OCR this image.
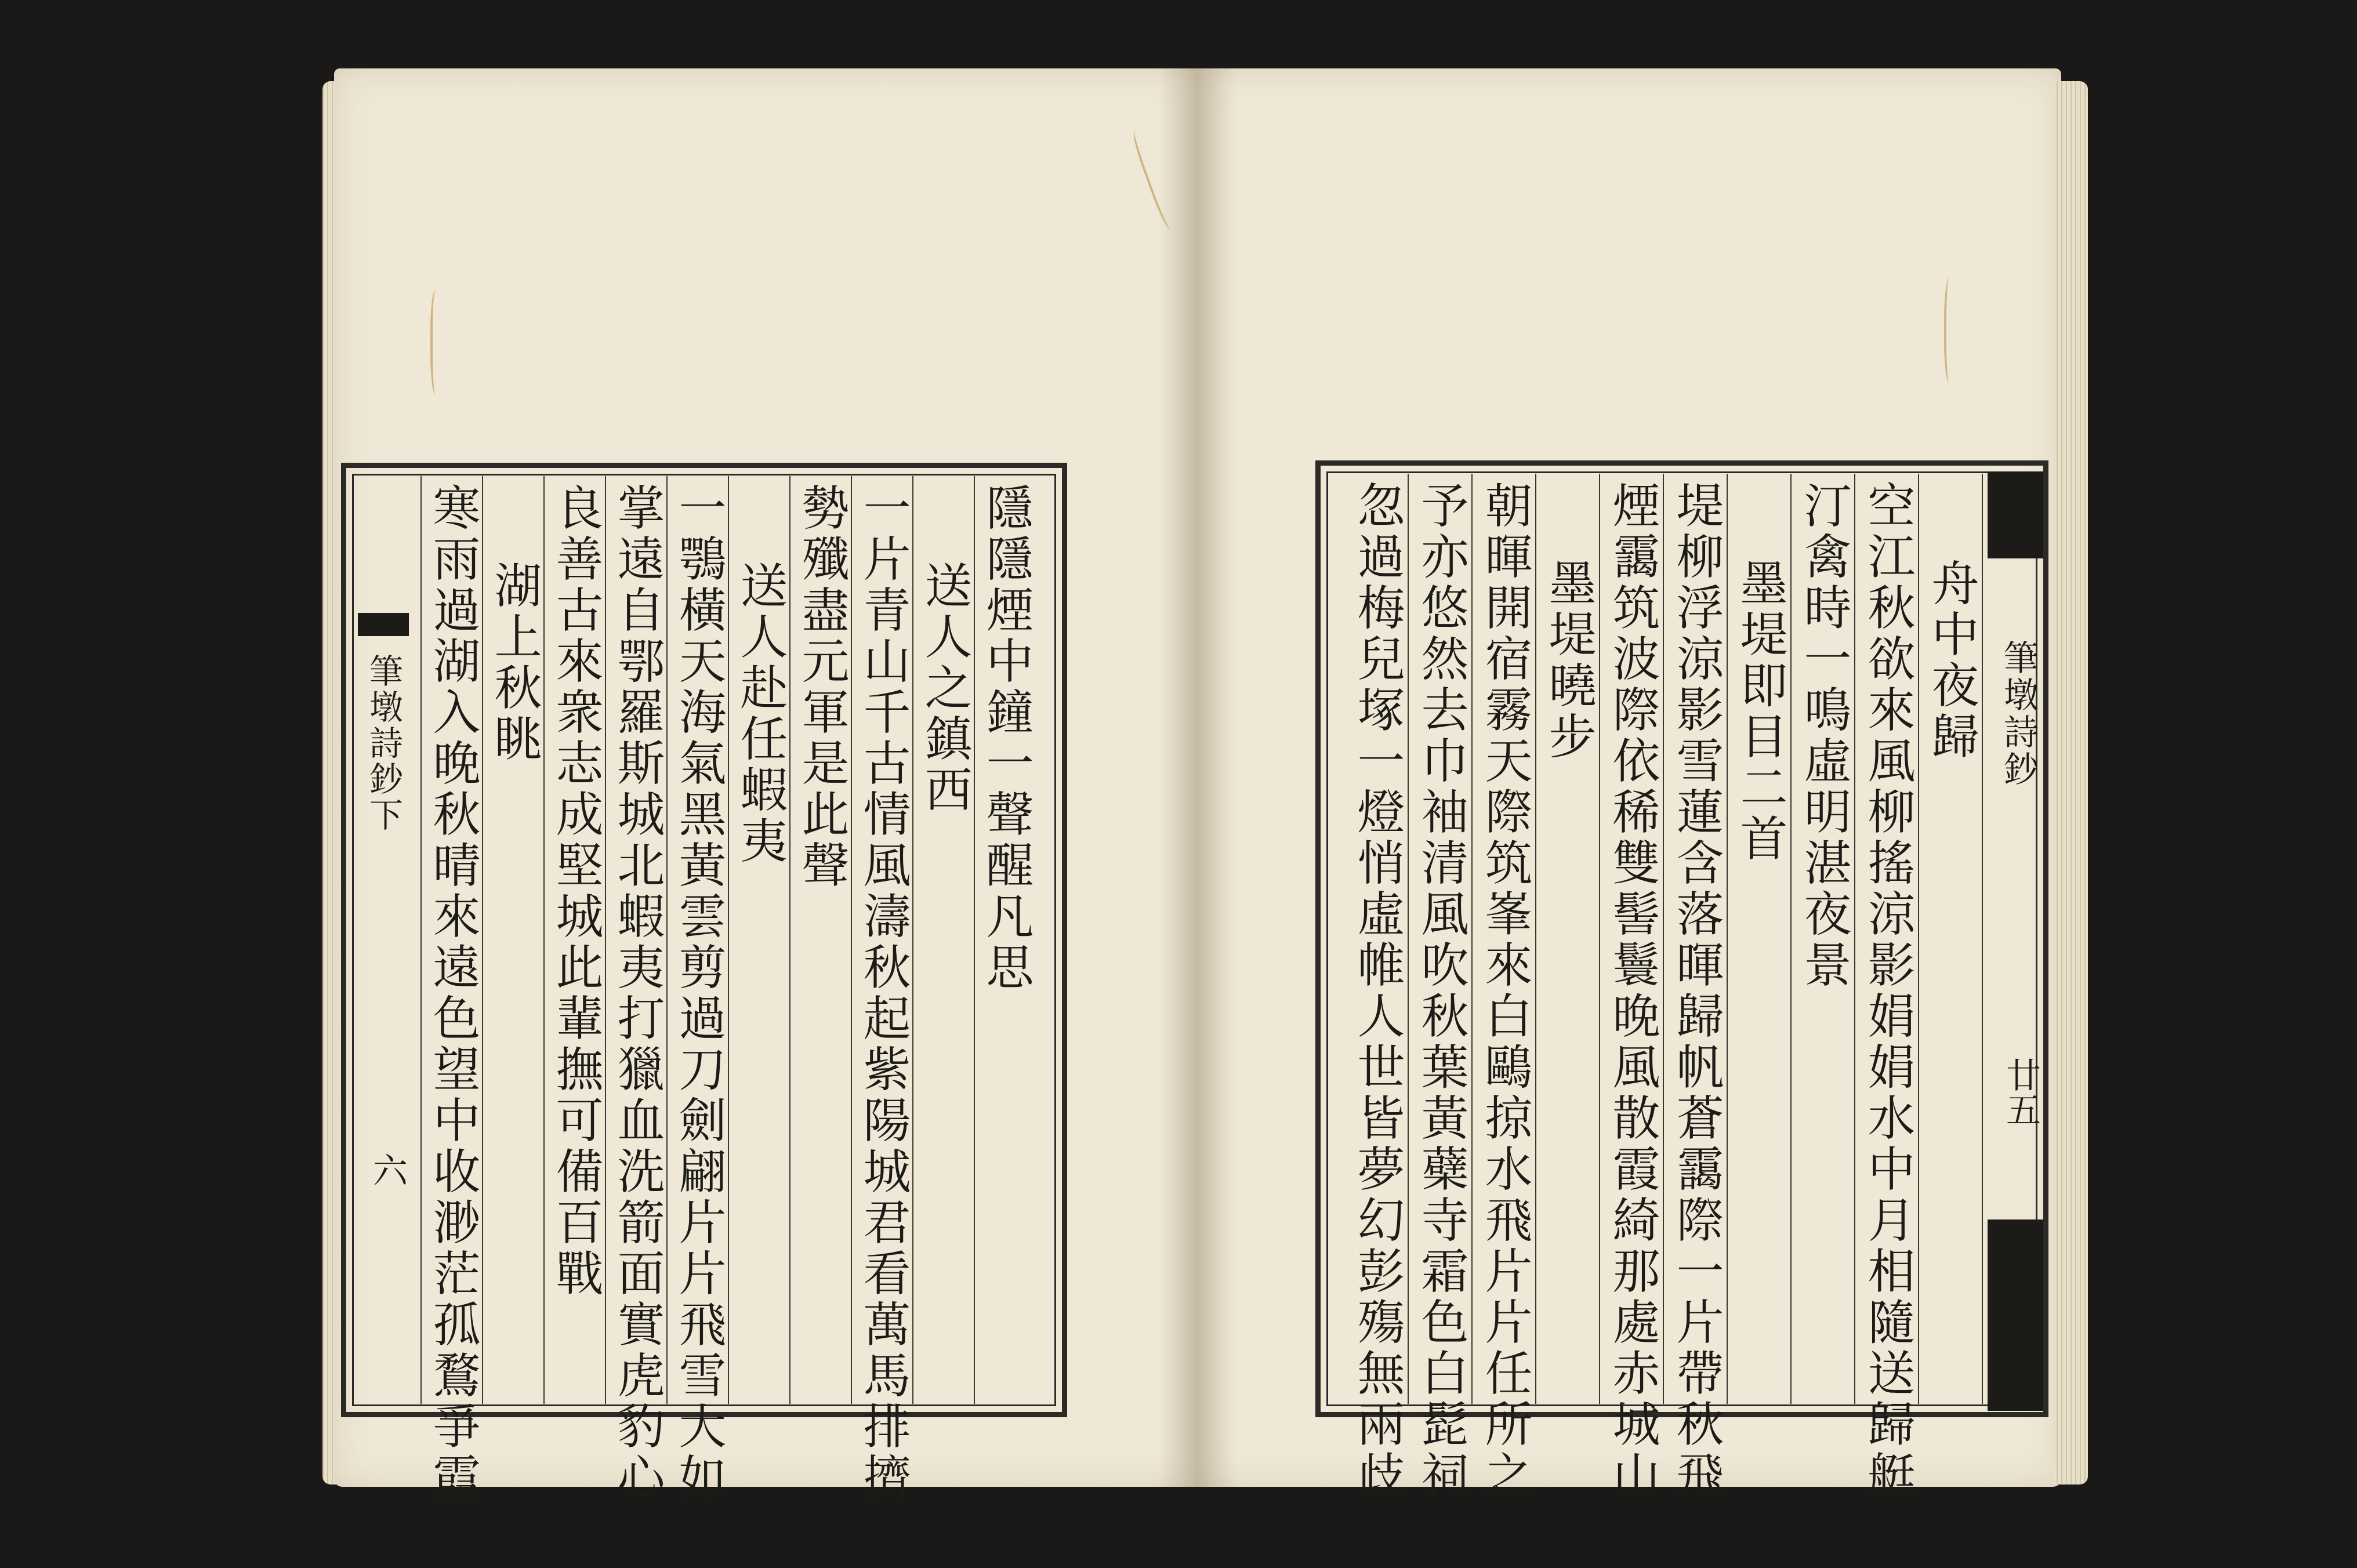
隱隱煙中鐘一聲醒凡思
送人之鎮西
一片青山千古情風濤秋起紫陽城君看萬馬排擠
勢殲盡元軍是此聲
送人赴任蝦夷
一鶚橫天海氣黑黃雲剪過刀劍翩片片飛雪大如
掌遠自鄂羅斯城北蝦夷打獵血洗箭面實虎豹心
良善古來衆志成堅城此輩撫可備百戰
湖上秋眺
寒雨過湖入晚秋晴來遠色望中收渺茫孤鶩爭霞
筆墩詩鈔下
六
筆墩詩鈔
廿五
舟中夜歸
空江秋欲來風柳搖涼影娟娟水中月相隨送歸艇
汀禽時一鳴虛明湛夜景
墨堤即目二首
堤柳浮涼影雪蓮含落暉歸帆蒼靄際一片帶秋飛
煙靄筑波際依稀雙髻鬟晚風散霞綺那處赤城山
墨堤曉步
朝暉開宿霧天際筑峯來白鷗掠水飛片片任所之
予亦悠然去巾袖清風吹秋葉黃蘗寺霜色白髭祠
忽過梅兒塚一燈悄虛帷人世皆夢幻彭殤無兩歧
